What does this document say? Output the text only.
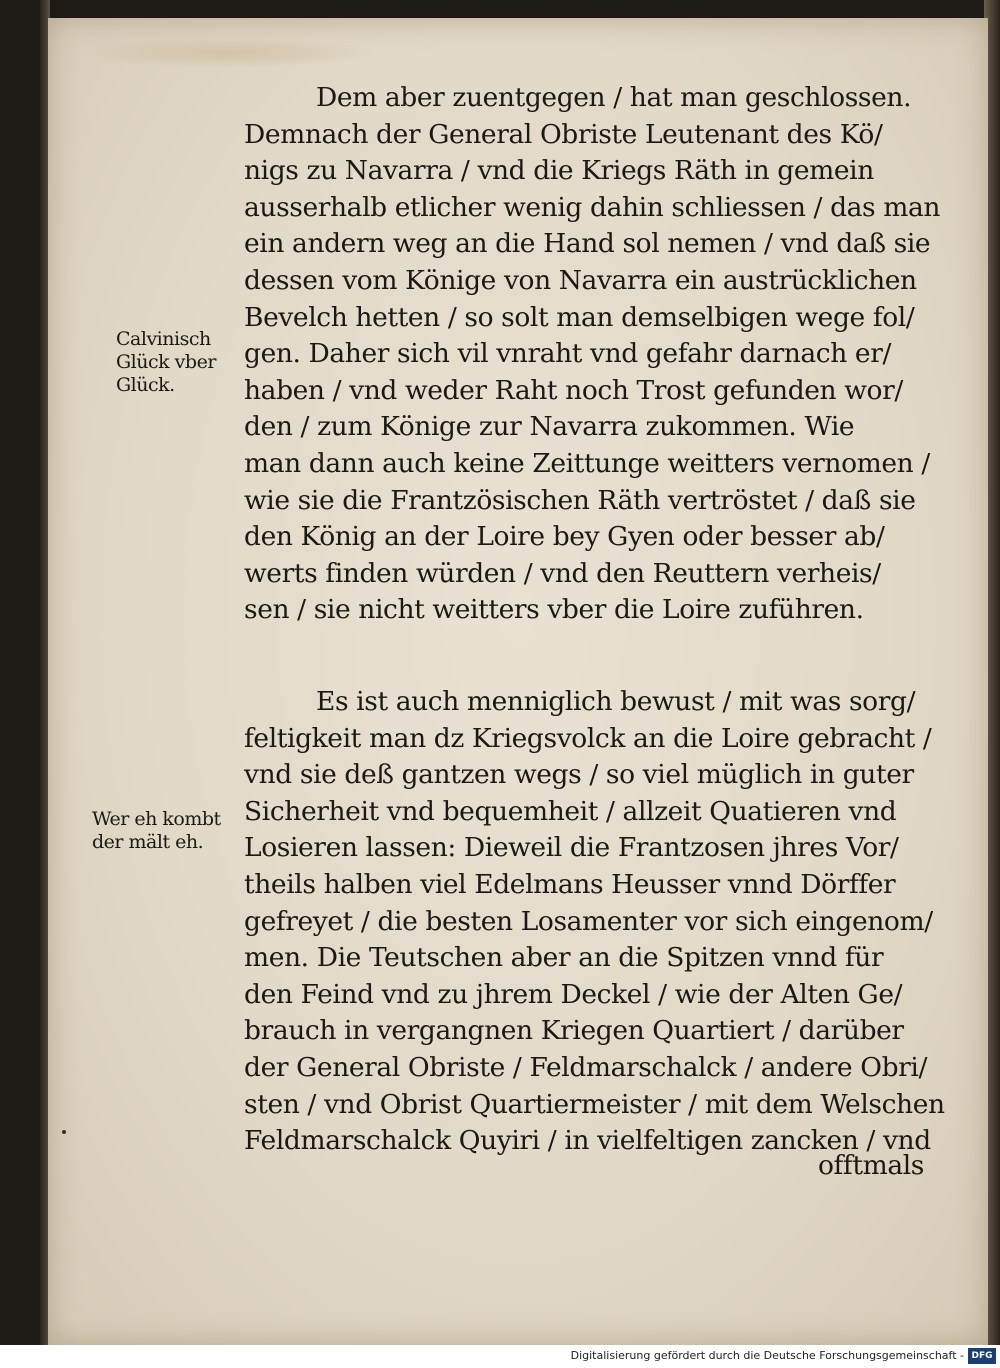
Calvinisch
Glück vber
Glück.
Wer eh kombt
der mält eh.
Dem aber zuentgegen / hat man geschlossen.
Demnach der General Obriste Leutenant des Kö/
nigs zu Navarra / vnd die Kriegs Räth in gemein
ausserhalb etlicher wenig dahin schliessen / das man
ein andern weg an die Hand sol nemen / vnd daß sie
dessen vom Könige von Navarra ein austrücklichen
Bevelch hetten / so solt man demselbigen wege fol/
gen. Daher sich vil vnraht vnd gefahr darnach er/
haben / vnd weder Raht noch Trost gefunden wor/
den / zum Könige zur Navarra zukommen. Wie
man dann auch keine Zeittunge weitters vernomen /
wie sie die Frantzösischen Räth vertröstet / daß sie
den König an der Loire bey Gyen oder besser ab/
werts finden würden / vnd den Reuttern verheis/
sen / sie nicht weitters vber die Loire zuführen.
Es ist auch menniglich bewust / mit was sorg/
feltigkeit man dz Kriegsvolck an die Loire gebracht /
vnd sie deß gantzen wegs / so viel müglich in guter
Sicherheit vnd bequemheit / allzeit Quatieren vnd
Losieren lassen: Dieweil die Frantzosen jhres Vor/
theils halben viel Edelmans Heusser vnnd Dörffer
gefreyet / die besten Losamenter vor sich eingenom/
men. Die Teutschen aber an die Spitzen vnnd für
den Feind vnd zu jhrem Deckel / wie der Alten Ge/
brauch in vergangnen Kriegen Quartiert / darüber
der General Obriste / Feldmarschalck / andere Obri/
sten / vnd Obrist Quartiermeister / mit dem Welschen
Feldmarschalck Quyiri / in vielfeltigen zancken / vnd
offtmals
Digitalisierung gefördert durch die Deutsche Forschungsgemeinschaft - DFG
